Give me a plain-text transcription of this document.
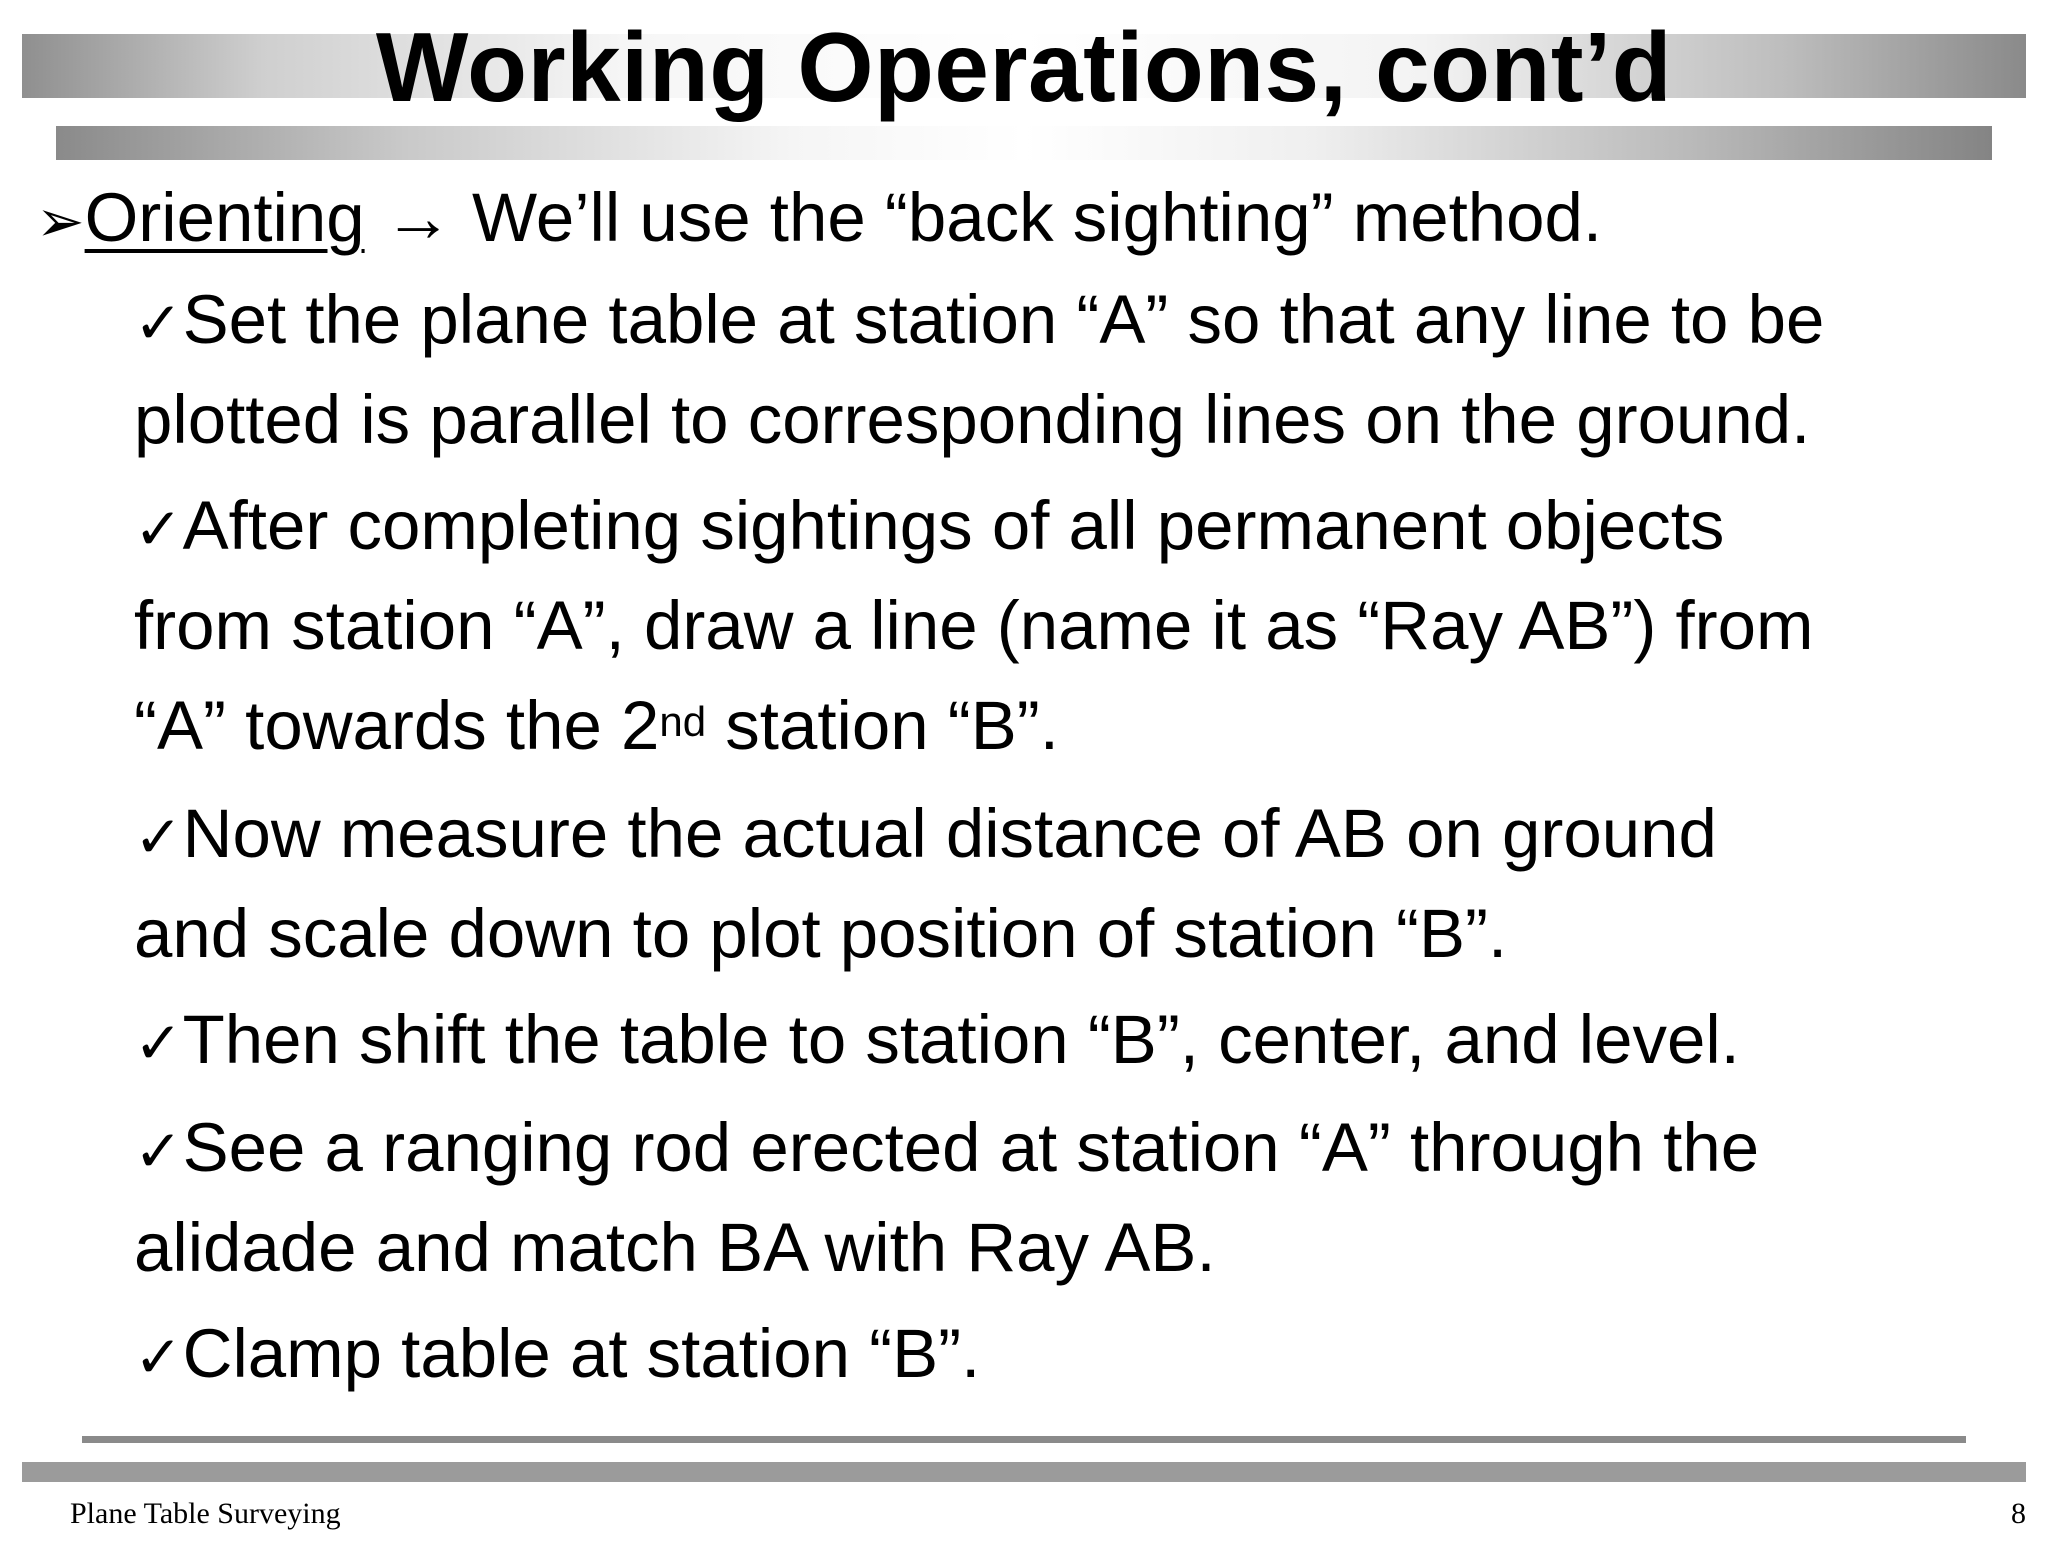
Working Operations, cont’d
➢Orienting → We’ll use the “back sighting” method.
✓Set the plane table at station “A” so that any line to be
plotted is parallel to corresponding lines on the ground.
✓After completing sightings of all permanent objects
from station “A”, draw a line (name it as “Ray AB”) from
“A” towards the 2nd station “B”.
✓Now measure the actual distance of AB on ground
and scale down to plot position of station “B”.
✓Then shift the table to station “B”, center, and level.
✓See a ranging rod erected at station “A” through the
alidade and match BA with Ray AB.
✓Clamp table at station “B”.
Plane Table Surveying	8
